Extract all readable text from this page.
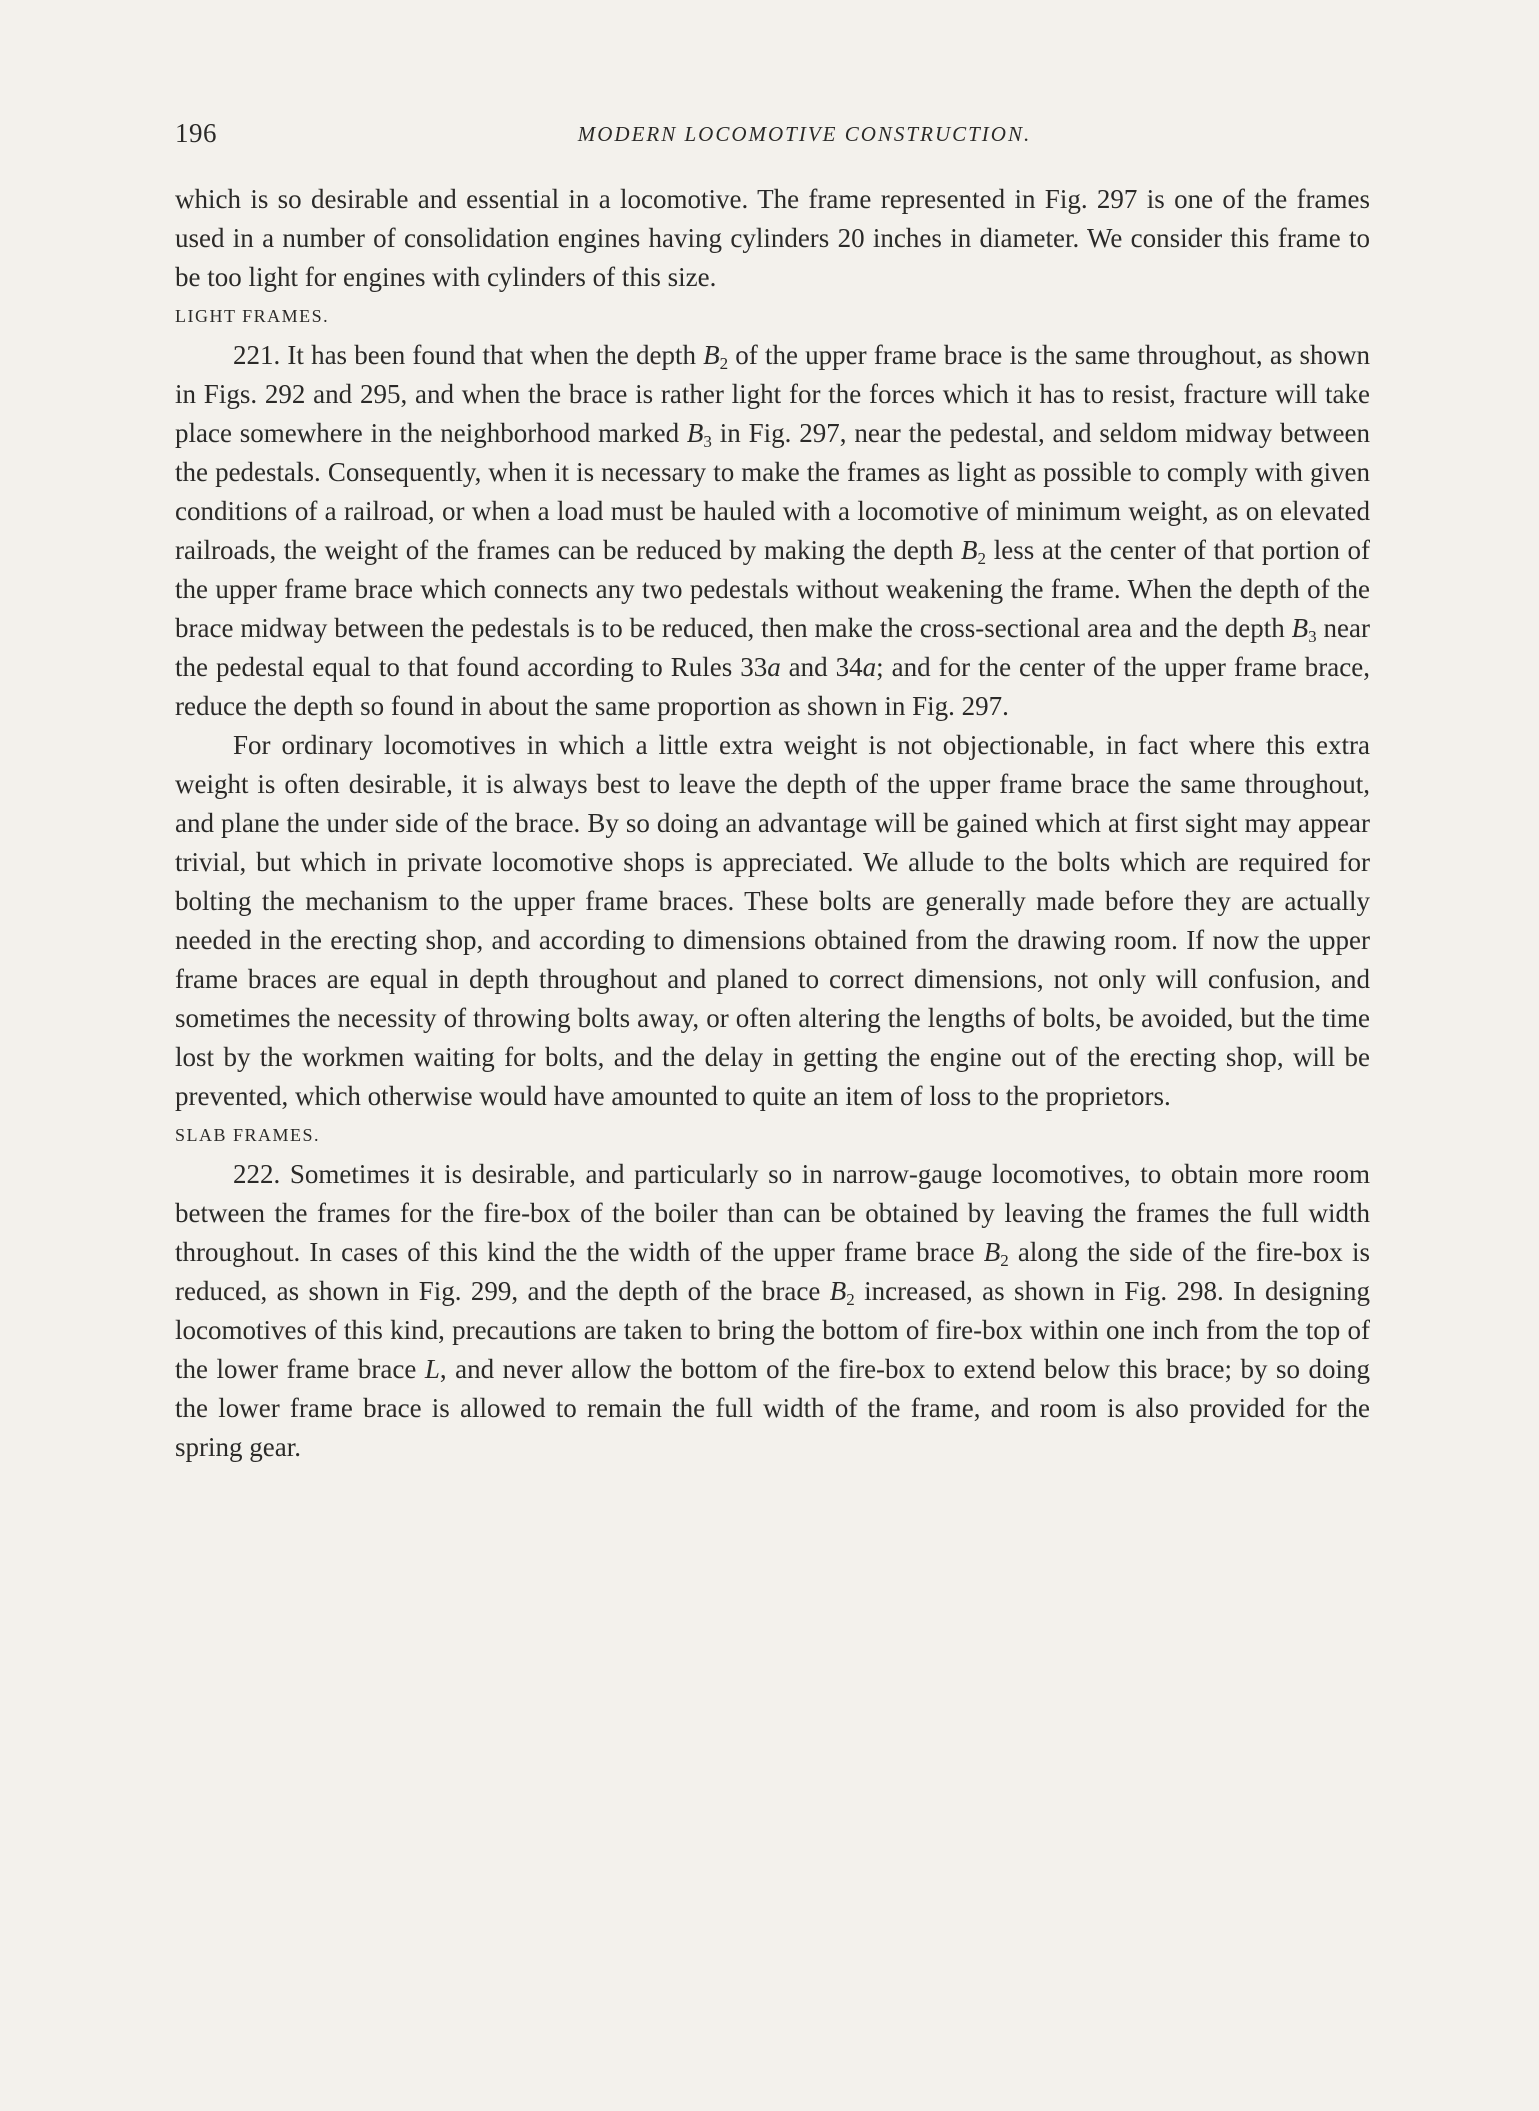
196	MODERN LOCOMOTIVE CONSTRUCTION.

which is so desirable and essential in a locomotive. The frame represented in Fig. 297 is one of the frames used in a number of consolidation engines having cylinders 20 inches in diameter. We consider this frame to be too light for engines with cylinders of this size.

LIGHT FRAMES.

221. It has been found that when the depth $B_2$ of the upper frame brace is the same throughout, as shown in Figs. 292 and 295, and when the brace is rather light for the forces which it has to resist, fracture will take place somewhere in the neighborhood marked $B_3$ in Fig. 297, near the pedestal, and seldom midway between the pedestals. Consequently, when it is necessary to make the frames as light as possible to comply with given conditions of a railroad, or when a load must be hauled with a locomotive of minimum weight, as on elevated railroads, the weight of the frames can be reduced by making the depth $B_2$ less at the center of that portion of the upper frame brace which connects any two pedestals without weakening the frame. When the depth of the brace midway between the pedestals is to be reduced, then make the cross-sectional area and the depth $B_3$ near the pedestal equal to that found according to Rules 33a and 34a; and for the center of the upper frame brace, reduce the depth so found in about the same proportion as shown in Fig. 297.

For ordinary locomotives in which a little extra weight is not objectionable, in fact where this extra weight is often desirable, it is always best to leave the depth of the upper frame brace the same throughout, and plane the under side of the brace. By so doing an advantage will be gained which at first sight may appear trivial, but which in private locomotive shops is appreciated. We allude to the bolts which are required for bolting the mechanism to the upper frame braces. These bolts are generally made before they are actually needed in the erecting shop, and according to dimensions obtained from the drawing room. If now the upper frame braces are equal in depth throughout and planed to correct dimensions, not only will confusion, and sometimes the necessity of throwing bolts away, or often altering the lengths of bolts, be avoided, but the time lost by the workmen waiting for bolts, and the delay in getting the engine out of the erecting shop, will be prevented, which otherwise would have amounted to quite an item of loss to the proprietors.

SLAB FRAMES.

222. Sometimes it is desirable, and particularly so in narrow-gauge locomotives, to obtain more room between the frames for the fire-box of the boiler than can be obtained by leaving the frames the full width throughout. In cases of this kind the the width of the upper frame brace $B_2$ along the side of the fire-box is reduced, as shown in Fig. 299, and the depth of the brace $B_2$ increased, as shown in Fig. 298. In designing locomotives of this kind, precautions are taken to bring the bottom of fire-box within one inch from the top of the lower frame brace L, and never allow the bottom of the fire-box to extend below this brace; by so doing the lower frame brace is allowed to remain the full width of the frame, and room is also provided for the spring gear.
